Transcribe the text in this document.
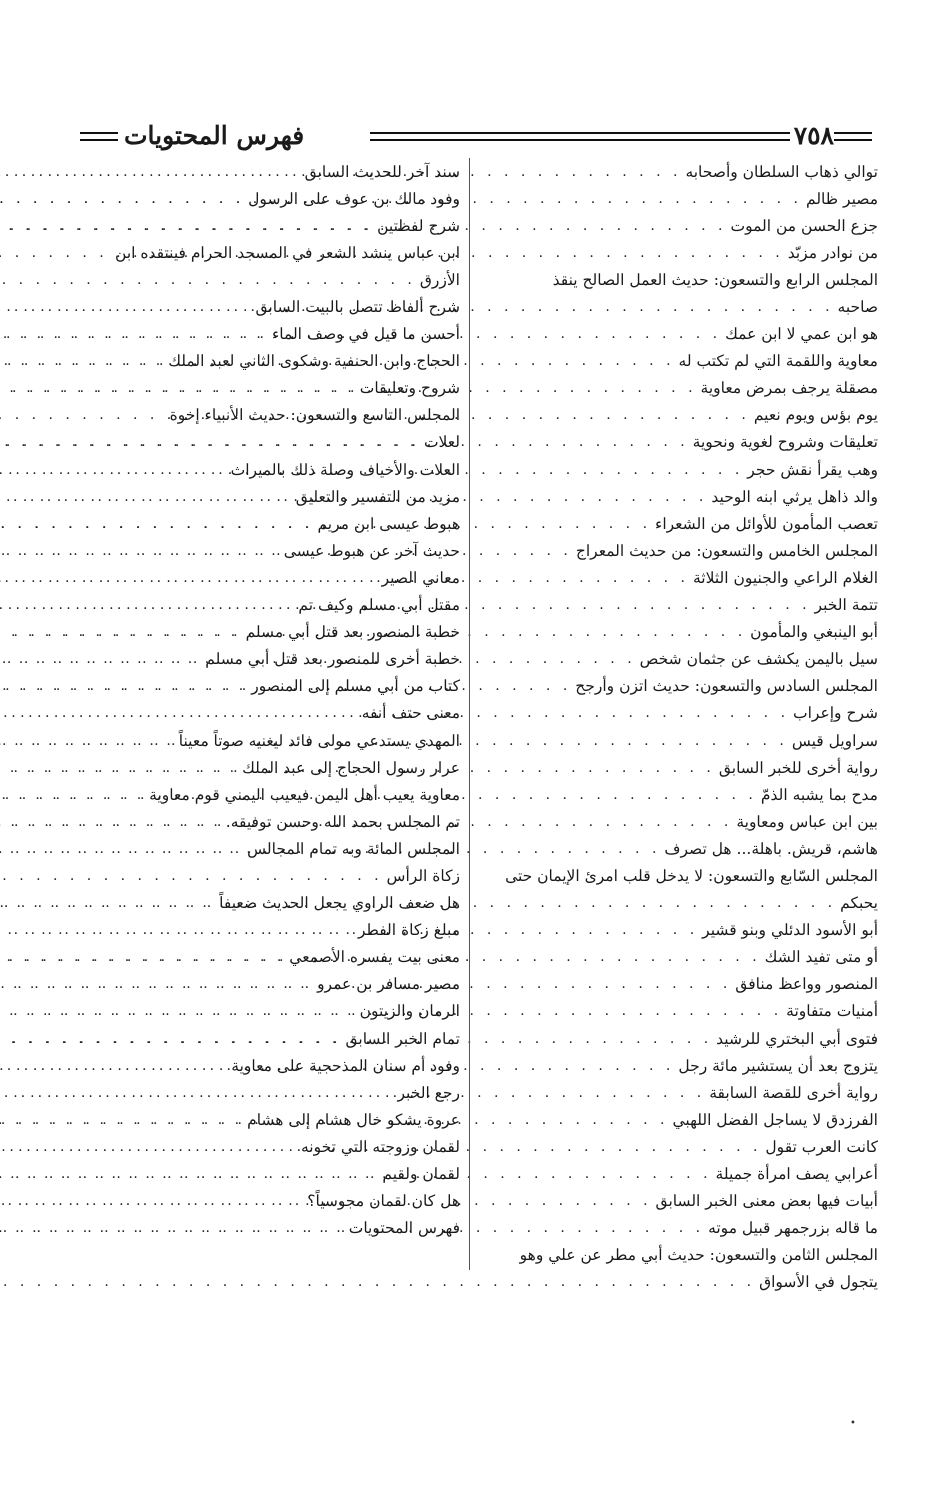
٧٥٨
فهرس المحتويات
توالي ذهاب السلطان وأصحابه
. . .
مصير ظالم
. . .
جزع الحسن من الموت
. . .
من نوادر مزبّد
. . .
المجلس الرابع والتسعون: حديث العمل الصالح ينقذ
صاحبه
. . .
هو ابن عمي لا ابن عمك
. . .
معاوية واللقمة التي لم تكتب له
. . .
مصقلة يرجف بمرض معاوية
. . .
يوم بؤس ويوم نعيم
. . .
تعليقات وشروح لغوية ونحوية
. . .
وهب يقرأ نقش حجر
. . .
والد ذاهل يرثي ابنه الوحيد
. . .
تعصب المأمون للأوائل من الشعراء
. . .
المجلس الخامس والتسعون: من حديث المعراج
. . .
الغلام الراعي والجنيون الثلاثة
. . .
تتمة الخبر
. . .
أبو الينبغي والمأمون
. . .
سيل باليمن يكشف عن جثمان شخص
. . .
المجلس السادس والتسعون: حديث اتزن وأرجح
. . .
شرح وإعراب
. . .
سراويل قيس
. . .
رواية أخرى للخبر السابق
. . .
مدح بما يشبه الذمّ
. . .
بين ابن عباس ومعاوية
. . .
هاشم، قريش. باهلة... هل تصرف
. . .
المجلس السّابع والتسعون: لا يدخل قلب امرئ الإيمان حتى
يحبكم
. . .
أبو الأسود الدئلي وبنو قشير
. . .
أو متى تفيد الشك
. . .
المنصور وواعظ منافق
. . .
أمنيات متفاوتة
. . .
فتوى أبي البختري للرشيد
. . .
يتزوج بعد أن يستشير مائة رجل
. . .
رواية أخرى للقصة السابقة
. . .
الفرزدق لا يساجل الفضل اللهبي
. . .
كانت العرب تقول
. . .
أعرابي يصف امرأة جميلة
. . .
أبيات فيها بعض معنى الخبر السابق
. . .
ما قاله بزرجمهر قبيل موته
. . .
المجلس الثامن والتسعون: حديث أبي مطر عن علي وهو
يتجول في الأسواق
. . .
سند آخر للحديث السابق
. . .
وفود مالك بن عوف على الرسول
. . .
شرح لفظتين
. . .
ابن عباس ينشد الشعر في المسجد الحرام فينتقده ابن
الأزرق
. . .
شرح ألفاظ تتصل بالبيت السابق
. . .
أحسن ما قيل في وصف الماء
. . .
الحجاج وابن الحنفية وشكوى الثاني لعبد الملك
. . .
شروح وتعليقات
. . .
المجلس التاسع والتسعون: حديث الأنبياء إخوة
لعلات
. . .
العلات والأخياف وصلة ذلك بالميراث
. . .
مزيد من التفسير والتعليق
. . .
هبوط عيسى ابن مريم
. . .
حديث آخر عن هبوط عيسى
. . .
معاني الصير
. . .
مقتل أبي مسلم وكيف تم
. . .
خطبة المنصور بعد قتل أبي مسلم
. . .
خطبة أخرى للمنصور بعد قتل أبي مسلم
. . .
كتاب من أبي مسلم إلى المنصور
. . .
معنى حتف أنفه
. . .
المهدي يستدعي مولى فائد ليغنيه صوتاً معيناً
. . .
عرار رسول الحجاج إلى عبد الملك
. . .
معاوية يعيب أهل اليمن فيعيب اليمني قوم معاوية
. . .
تم المجلس بحمد الله وحسن توفيقه.
. . .
المجلس المائة وبه تمام المجالس
. . .
زكاة الرأس
. . .
هل ضعف الراوي يجعل الحديث ضعيفاً
. . .
مبلغ زكاة الفطر
. . .
معنى بيت يفسره الأصمعي
. . .
مصير مسافر بن عمرو
. . .
الرمان والزيتون
. . .
تمام الخبر السابق
. . .
وفود أم سنان المذحجية على معاوية
. . .
رجع الخبر
. . .
عروة يشكو خال هشام إلى هشام
. . .
لقمان وزوجته التي تخونه
. . .
لقمان ولقيم
. . .
هل كان لقمان مجوسياً؟
. . .
فهرس المحتويات
. . .
•
